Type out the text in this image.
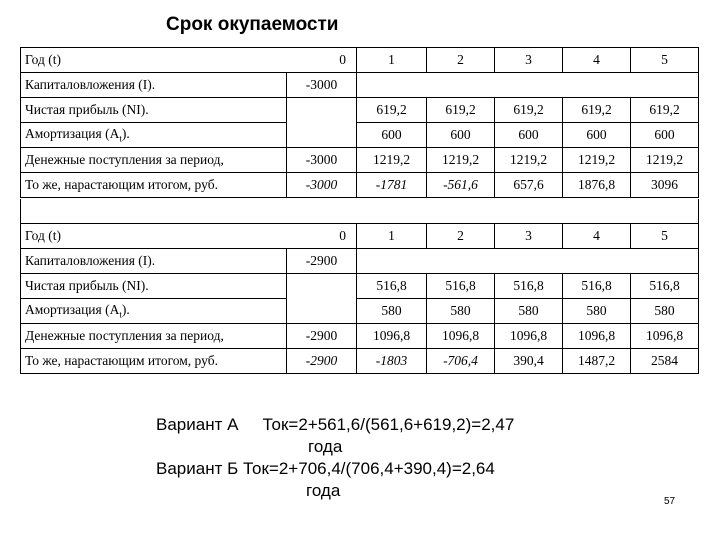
Срок окупаемости
Год (t)	0	1	2	3	4	5
Капиталовложения (I).	-3000					
Чистая прибыль (NI).		619,2	619,2	619,2	619,2	619,2
Амортизация $(A_t)$.		600	600	600	600	600
Денежные поступления за период,	-3000	1219,2	1219,2	1219,2	1219,2	1219,2
То же, нарастающим итогом, руб.	-3000	-1781	-561,6	657,6	1876,8	3096
Год (t)	0	1	2	3	4	5
Капиталовложения (I).	-2900					
Чистая прибыль (NI).		516,8	516,8	516,8	516,8	516,8
Амортизация $(A_t)$.		580	580	580	580	580
Денежные поступления за период,	-2900	1096,8	1096,8	1096,8	1096,8	1096,8
То же, нарастающим итогом, руб.	-2900	-1803	-706,4	390,4	1487,2	2584
Вариант А Ток=2+561,6/(561,6+619,2)=2,47
года
Вариант Б Ток=2+706,4/(706,4+390,4)=2,64
года
57
